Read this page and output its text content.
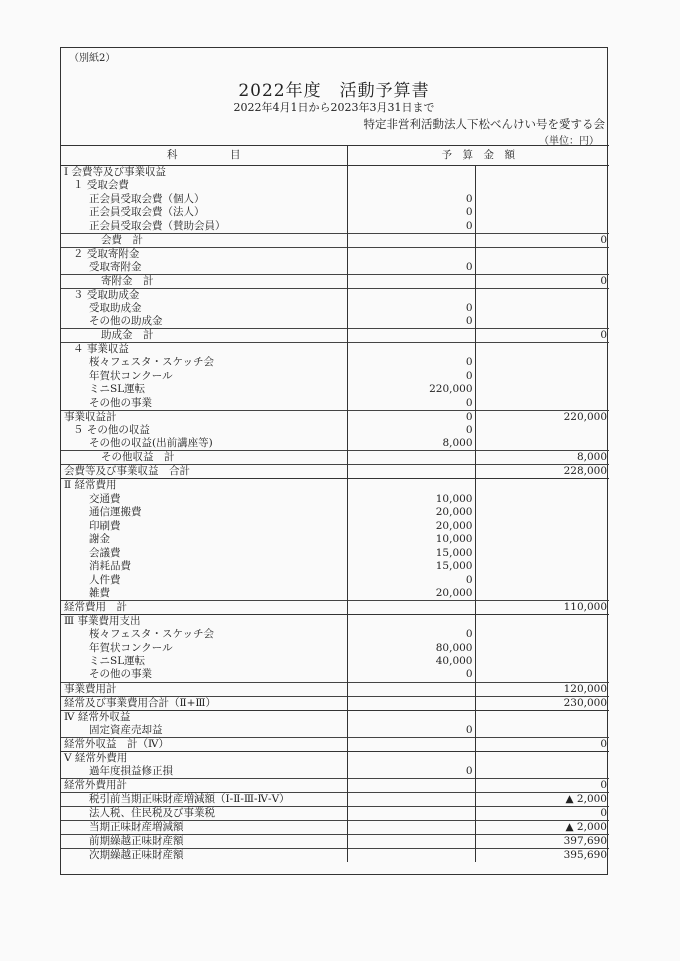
（別紙2）
2022年度　活動予算書
2022年4月1日から2023年3月31日まで
特定非営利活動法人下松べんけい号を愛する会
（単位：円）
科　　　　　目	予　算　金　額	
Ⅰ 会費等及び事業収益		
１ 受取会費		
正会員受取会費（個人）	0	
正会員受取会費（法人）	0	
正会員受取会費（賛助会員）	0	
会費　計		0
２ 受取寄附金		
受取寄附金	0	
寄附金　計		0
３ 受取助成金		
受取助成金	0	
その他の助成金	0	
助成金　計		0
４ 事業収益		
桜々フェスタ・スケッチ会	0	
年賀状コンクール	0	
ミニSL運転	220,000	
その他の事業	0	
事業収益計	0	220,000
５ その他の収益	0	
その他の収益(出前講座等)	8,000	
その他収益　計		8,000
会費等及び事業収益　合計		228,000
Ⅱ 経常費用		
交通費	10,000	
通信運搬費	20,000	
印刷費	20,000	
謝金	10,000	
会議費	15,000	
消耗品費	15,000	
人件費	0	
雑費	20,000	
経常費用　計		110,000
Ⅲ 事業費用支出		
桜々フェスタ・スケッチ会	0	
年賀状コンクール	80,000	
ミニSL運転	40,000	
その他の事業	0	
事業費用計		120,000
経常及び事業費用合計（Ⅱ+Ⅲ）		230,000
Ⅳ 経常外収益		
固定資産売却益	0	
経常外収益　計（Ⅳ）		0
Ⅴ 経常外費用		
過年度損益修正損	0	
経常外費用計		0
税引前当期正味財産増減額（Ⅰ-Ⅱ-Ⅲ-Ⅳ-Ⅴ）		▲ 2,000
法人税、住民税及び事業税		0
当期正味財産増減額		▲ 2,000
前期繰越正味財産額		397,690
次期繰越正味財産額		395,690
